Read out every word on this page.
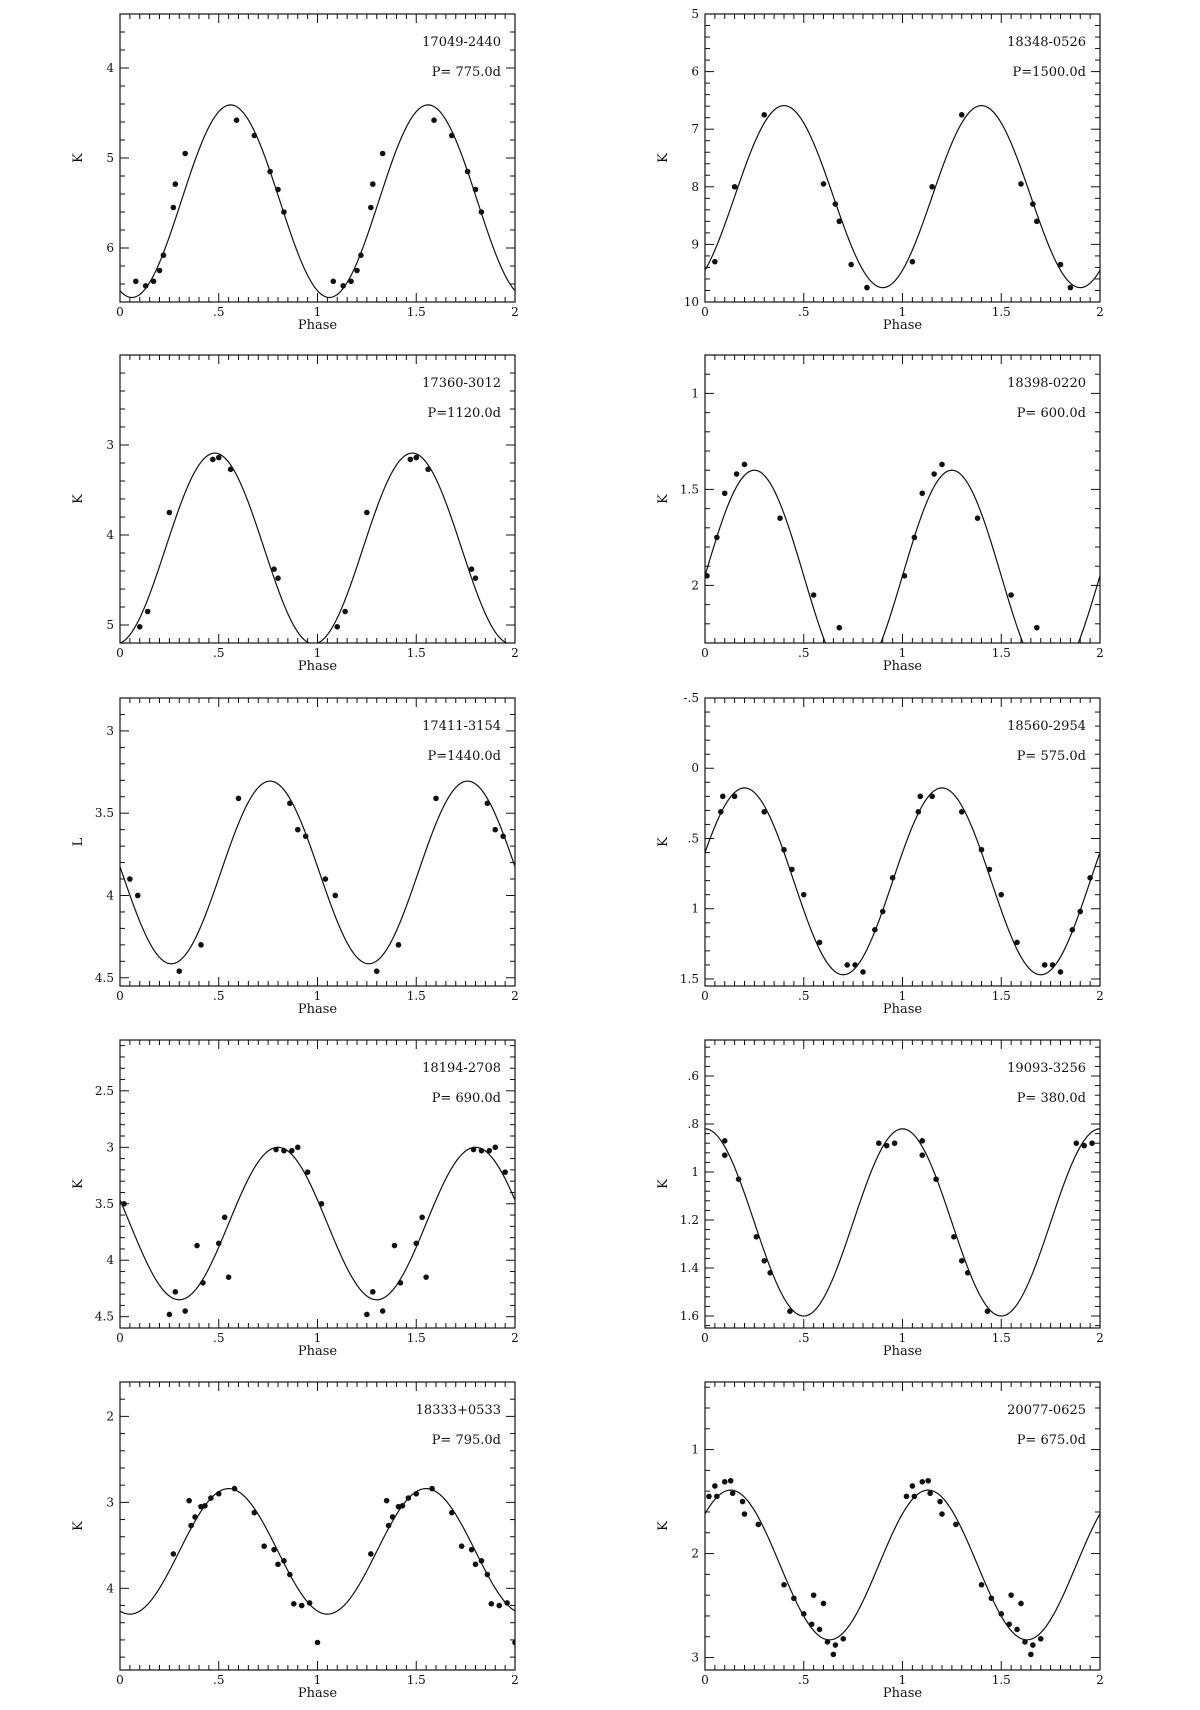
0	.5	1	1.5	2
Phase
4
5
6
K
17049-2440
P= 775.0d
0	.5	1	1.5	2
Phase
5
6
7
8
9
10
K
18348-0526
P=1500.0d
0	.5	1	1.5	2
Phase
3
4
5
K
17360-3012
P=1120.0d
0	.5	1	1.5	2
Phase
1
1.5
2
K
18398-0220
P= 600.0d
0	.5	1	1.5	2
Phase
3
3.5
4
4.5
L
17411-3154
P=1440.0d
0	.5	1	1.5	2
Phase
-.5
0
.5
1
1.5
K
18560-2954
P= 575.0d
0	.5	1	1.5	2
Phase
2.5
3
3.5
4
4.5
K
18194-2708
P= 690.0d
0	.5	1	1.5	2
Phase
.6
.8
1
1.2
1.4
1.6
K
19093-3256
P= 380.0d
0	.5	1	1.5	2
Phase
2
3
4
K
18333+0533
P= 795.0d
0	.5	1	1.5	2
Phase
1
2
3
K
20077-0625
P= 675.0d
